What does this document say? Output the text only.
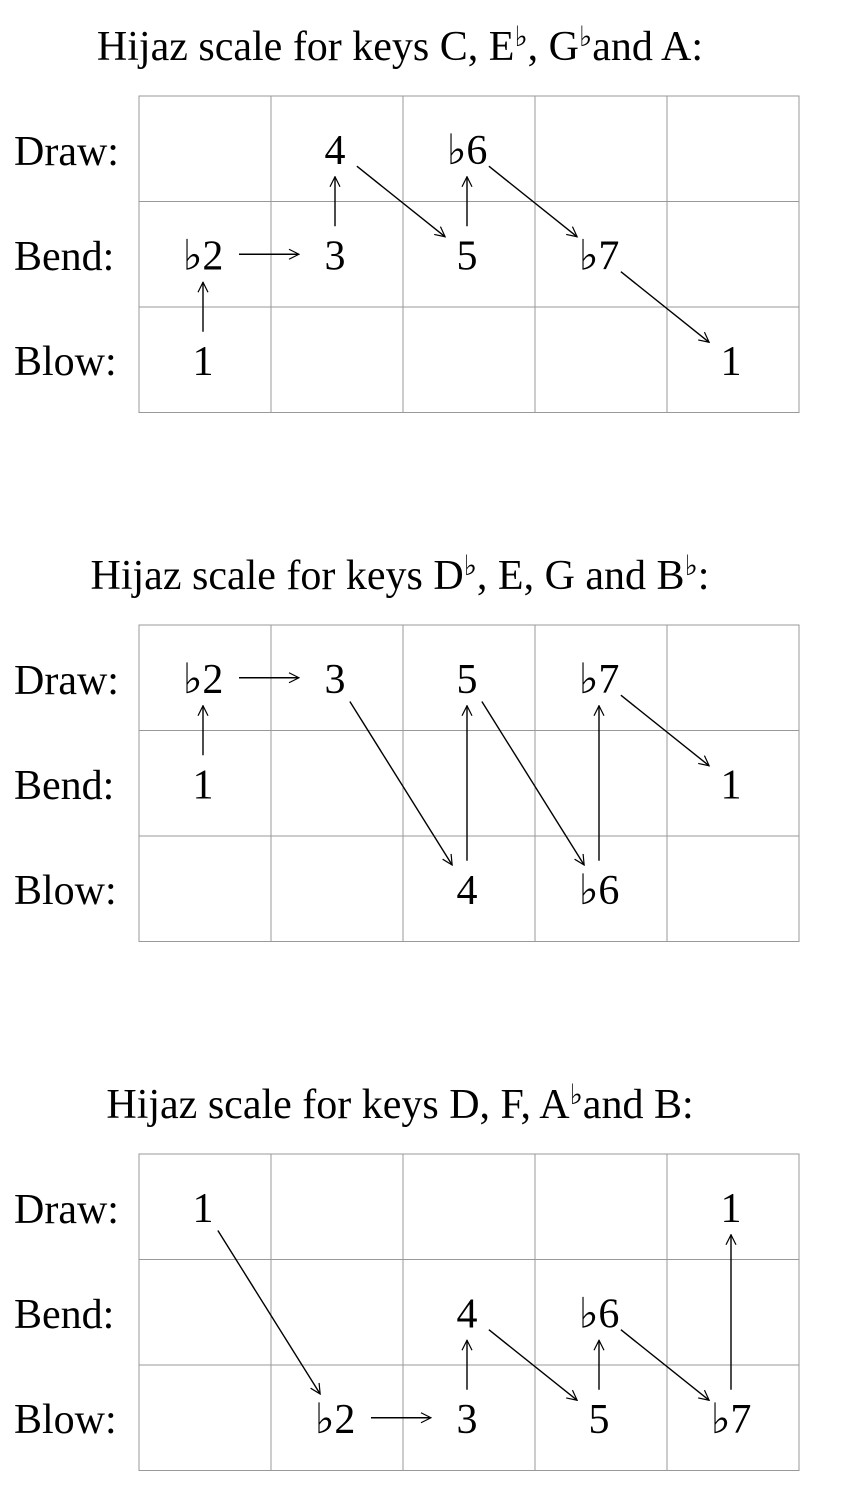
Hijaz scale for keys C, E♭, G♭and A:
Draw:
Bend:
Blow:
♭2
1
4
3
♭6
5 ♭7
1
Hijaz scale for keys D♭, E, G and B♭:
Draw:
Bend:
Blow:
♭2
1
3	5
4
♭7
♭6
1
Hijaz scale for keys D, F, A♭and B:
Draw:
Bend:
Blow:
1
♭2
4
3
♭6
5
1
♭7
